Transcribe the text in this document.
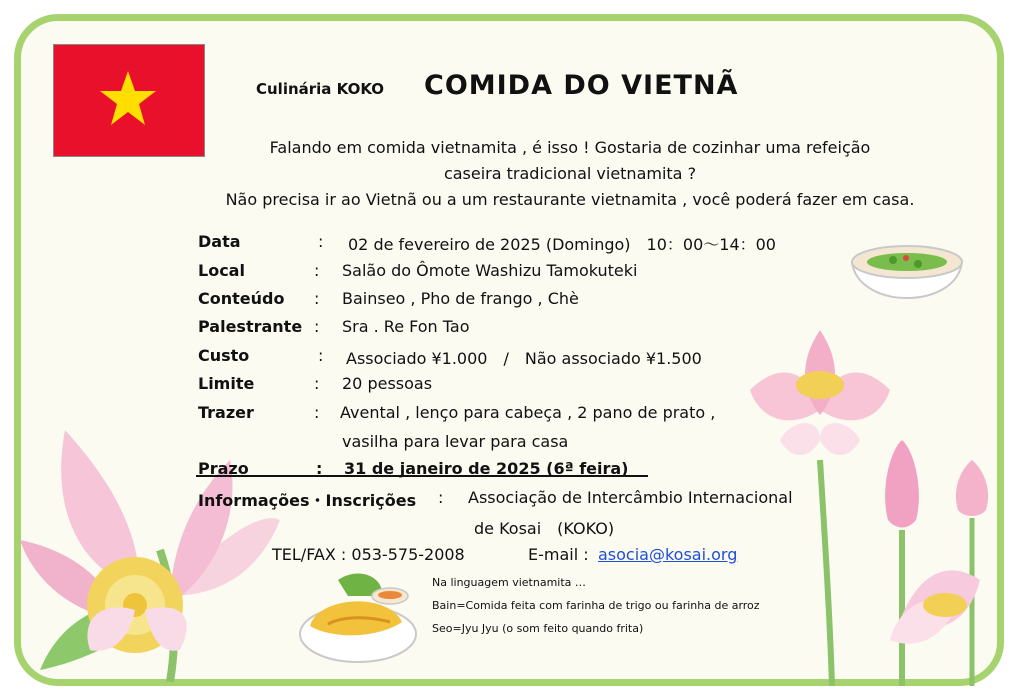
Culinária KOKO COMIDA DO VIETNÃ
Falando em comida vietnamita , é isso ! Gostaria de cozinhar uma refeição
caseira tradicional vietnamita ?
Não precisa ir ao Vietnã ou a um restaurante vietnamita , você poderá fazer em casa.
Data	: 02 de fevereiro de 2025 (Domingo)　10：00～14：00
Local	: Salão do Ômote Washizu Tamokuteki
Conteúdo : Bainseo , Pho de frango , Chè
Palestrante : Sra . Re Fon Tao
Custo	: Associado ¥1.000　/　Não associado ¥1.500
Limite	: 20 pessoas
Trazer	: Avental , lenço para cabeça , 2 pano de prato ,
vasilha para levar para casa
Prazo	: 31 de janeiro de 2025 (6ª feira)
Informações・Inscrições : Associação de Intercâmbio Internacional
de Kosai　(KOKO)
TEL/FAX : 053-575-2008	E-mail : asocia@kosai.org
Na linguagem vietnamita …
Bain=Comida feita com farinha de trigo ou farinha de arroz
Seo=Jyu Jyu (o som feito quando frita)
